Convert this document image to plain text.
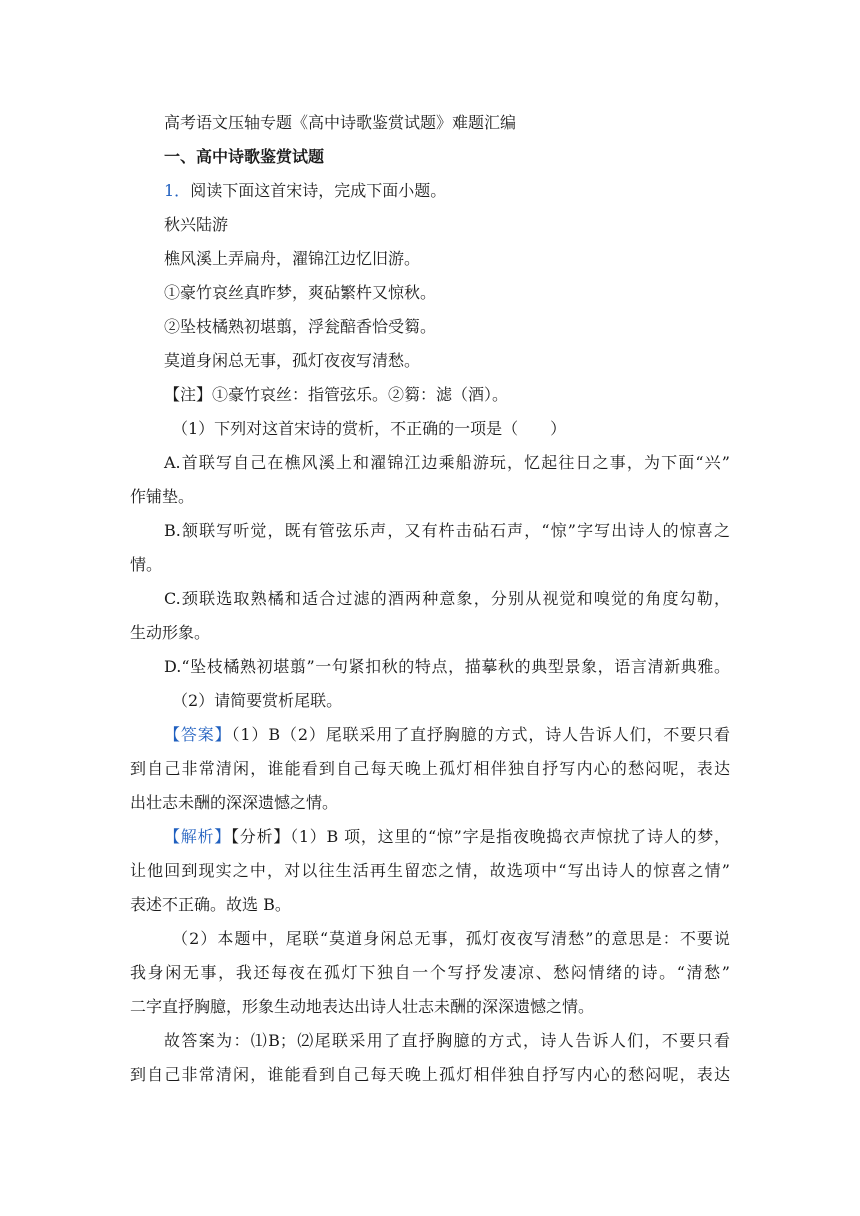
高考语文压轴专题《高中诗歌鉴赏试题》难题汇编
一、高中诗歌鉴赏试题
1．阅读下面这首宋诗，完成下面小题。
秋兴陆游
樵风溪上弄扁舟，濯锦江边忆旧游。
①豪竹哀丝真昨梦，爽砧繁杵又惊秋。
②坠枝橘熟初堪翦，浮瓮醅香恰受篘。
莫道身闲总无事，孤灯夜夜写清愁。
【注】①豪竹哀丝：指管弦乐。②篘：滤（酒）。
（1）下列对这首宋诗的赏析，不正确的一项是（　　）
A.首联写自己在樵风溪上和濯锦江边乘船游玩，忆起往日之事，为下面“兴”
作铺垫。
B.颔联写听觉，既有管弦乐声，又有杵击砧石声，“惊”字写出诗人的惊喜之
情。
C.颈联选取熟橘和适合过滤的酒两种意象，分别从视觉和嗅觉的角度勾勒，
生动形象。
D.“坠枝橘熟初堪翦”一句紧扣秋的特点，描摹秋的典型景象，语言清新典雅。
（2）请简要赏析尾联。
【答案】（1）B（2）尾联采用了直抒胸臆的方式，诗人告诉人们，不要只看
到自己非常清闲，谁能看到自己每天晚上孤灯相伴独自抒写内心的愁闷呢，表达
出壮志未酬的深深遗憾之情。
【解析】【分析】（1）B 项，这里的“惊”字是指夜晚捣衣声惊扰了诗人的梦，
让他回到现实之中，对以往生活再生留恋之情，故选项中“写出诗人的惊喜之情”
表述不正确。故选 B。
（2）本题中，尾联“莫道身闲总无事，孤灯夜夜写清愁”的意思是：不要说
我身闲无事，我还每夜在孤灯下独自一个写抒发凄凉、愁闷情绪的诗。“清愁”
二字直抒胸臆，形象生动地表达出诗人壮志未酬的深深遗憾之情。
故答案为：⑴B；⑵尾联采用了直抒胸臆的方式，诗人告诉人们，不要只看
到自己非常清闲，谁能看到自己每天晚上孤灯相伴独自抒写内心的愁闷呢，表达
